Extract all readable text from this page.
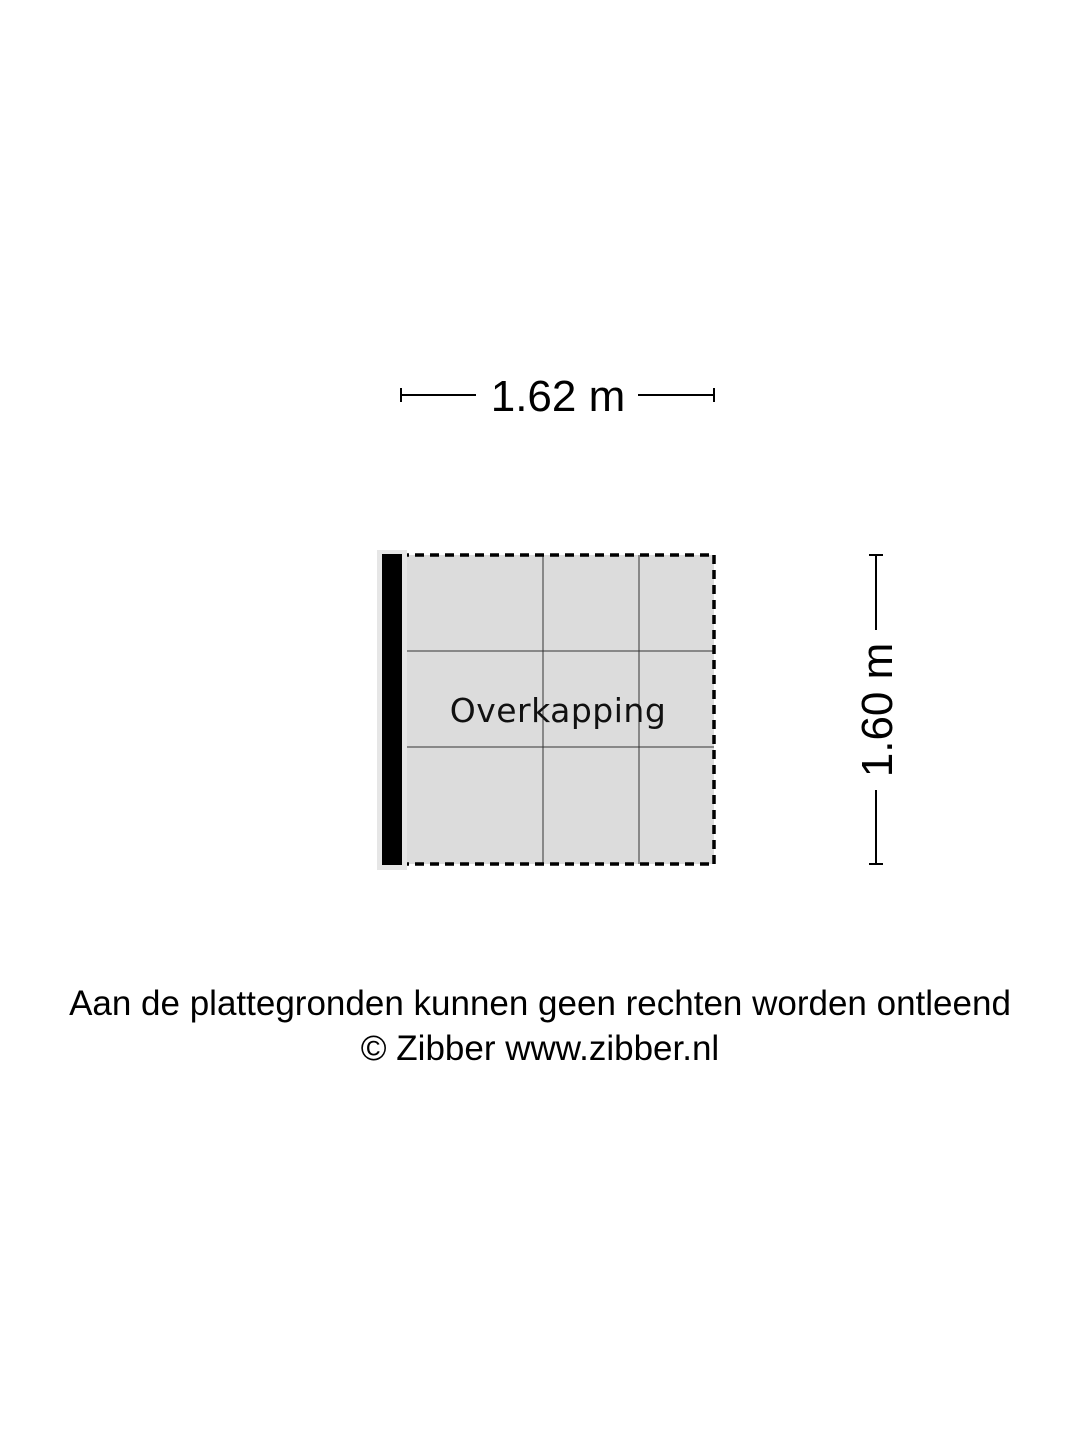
1.62 m
Overkapping	1.60 m
Aan de plattegronden kunnen geen rechten worden ontleend
© Zibber www.zibber.nl
